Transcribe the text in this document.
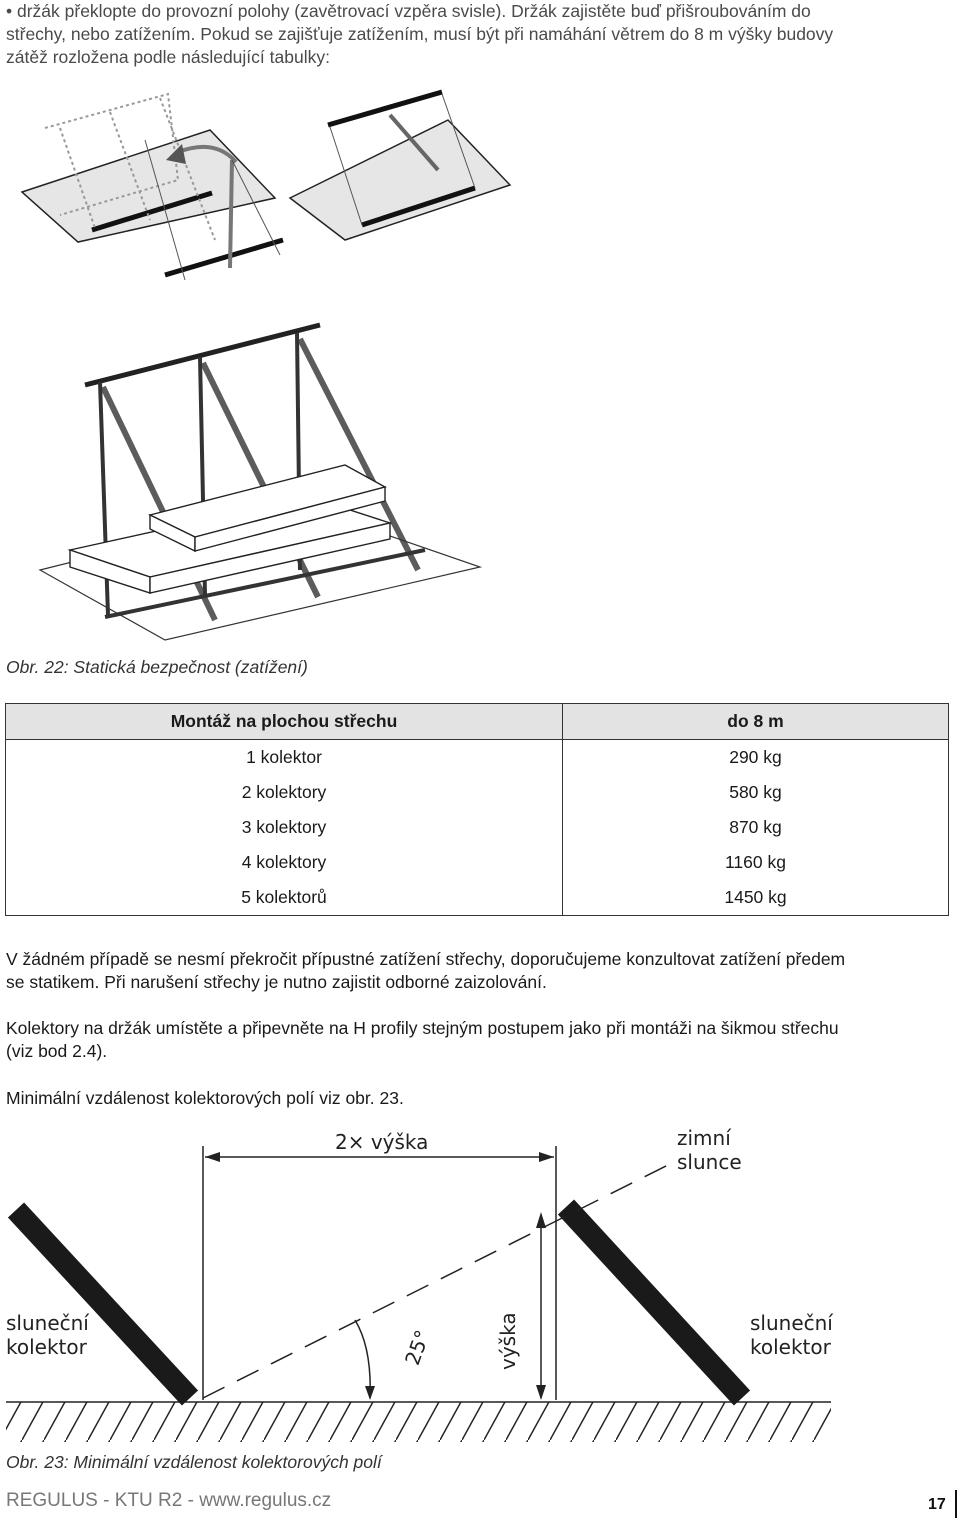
• držák překlopte do provozní polohy (zavětrovací vzpěra svisle). Držák zajistěte buď přišroubováním do
střechy, nebo zatížením. Pokud se zajišťuje zatížením, musí být při namáhání větrem do 8 m výšky budovy
zátěž rozložena podle následující tabulky:
Obr. 22: Statická bezpečnost (zatížení)
Montáž na plochou střechu	do 8 m
1 kolektor	290 kg
2 kolektory	580 kg
3 kolektory	870 kg
4 kolektory	1160 kg
5 kolektorů	1450 kg
V žádném případě se nesmí překročit přípustné zatížení střechy, doporučujeme konzultovat zatížení předem
se statikem. Při narušení střechy je nutno zajistit odborné zaizolování.
Kolektory na držák umístěte a připevněte na H profily stejným postupem jako při montáži na šikmou střechu
(viz bod 2.4).
Minimální vzdálenost kolektorových polí viz obr. 23.
2× výška	zimní
slunce
sluneční
kolektor
sluneční
kolektor
výška
25°
Obr. 23: Minimální vzdálenost kolektorových polí
REGULUS - KTU R2 - www.regulus.cz	17
